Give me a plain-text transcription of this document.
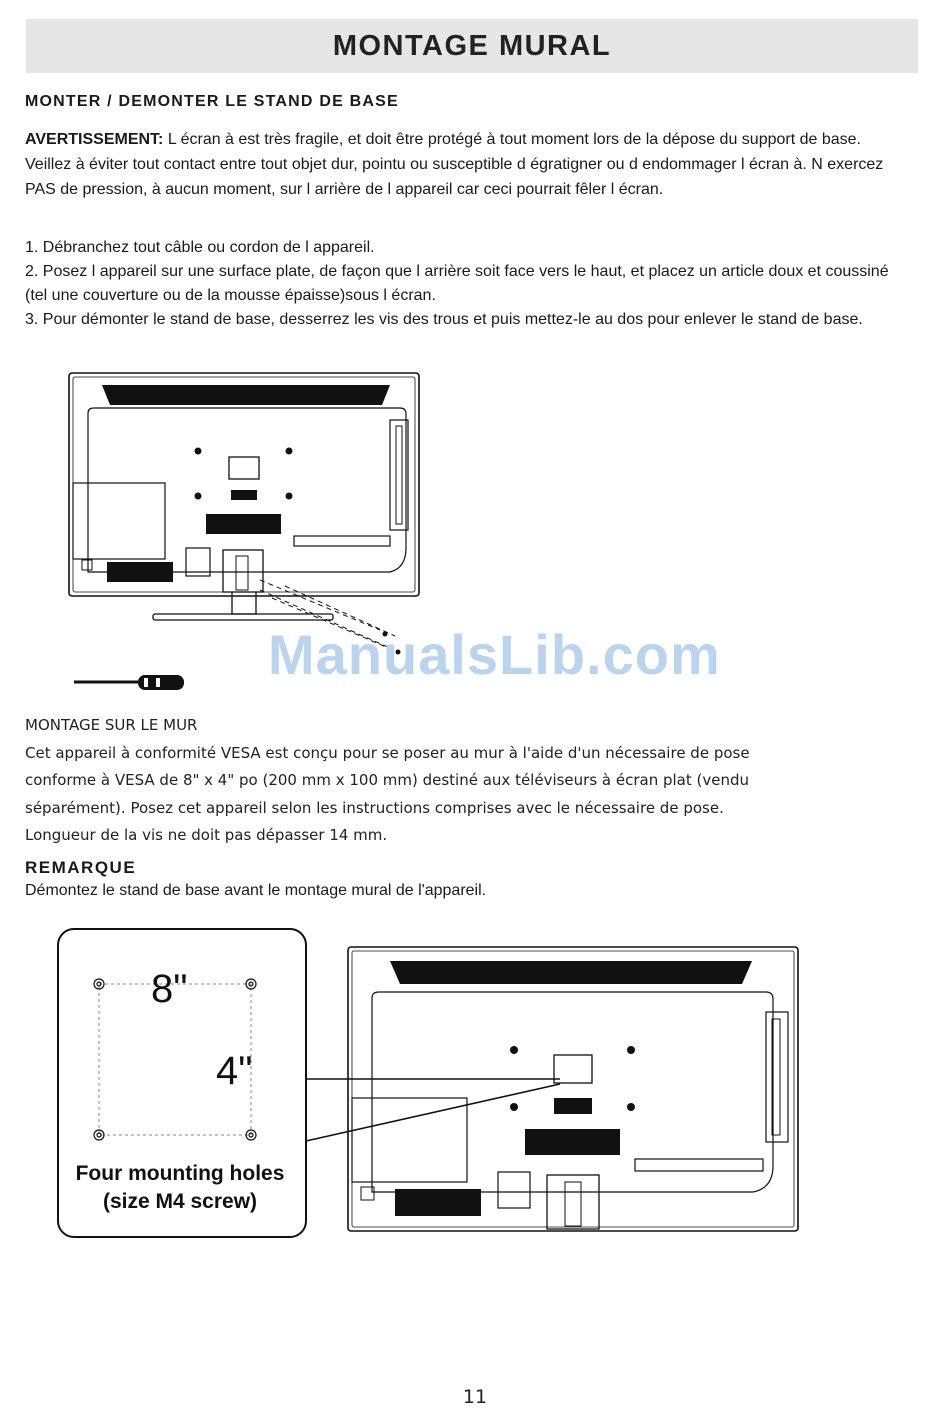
MONTAGE MURAL
MONTER / DEMONTER LE STAND DE BASE

AVERTISSEMENT: L écran à est très fragile, et doit être protégé à tout moment lors de la dépose du support de base. Veillez à éviter tout contact entre tout objet dur, pointu ou susceptible d égratigner ou d endommager l écran à. N exercez PAS de pression, à aucun moment, sur l arrière de l appareil car ceci pourrait fêler l écran.

1. Débranchez tout câble ou cordon de l appareil.

2. Posez l appareil sur une surface plate, de façon que l arrière soit face vers le haut, et placez un article doux et coussiné (tel une couverture ou de la mousse épaisse)sous l écran.

3. Pour démonter le stand de base, desserrez les vis des trous et puis mettez-le au dos pour enlever le stand de base.

ManualsLib.com

MONTAGE SUR LE MUR

Cet appareil à conformité VESA est conçu pour se poser au mur à l'aide d'un nécessaire de pose

conforme à VESA de 8" x 4" po (200 mm x 100 mm) destiné aux téléviseurs à écran plat (vendu

séparément). Posez cet appareil selon les instructions comprises avec le nécessaire de pose.

Longueur de la vis ne doit pas dépasser 14 mm.

REMARQUE

Démontez le stand de base avant le montage mural de l'appareil.

8"
4"
Four mounting holes
(size M4 screw)
11
